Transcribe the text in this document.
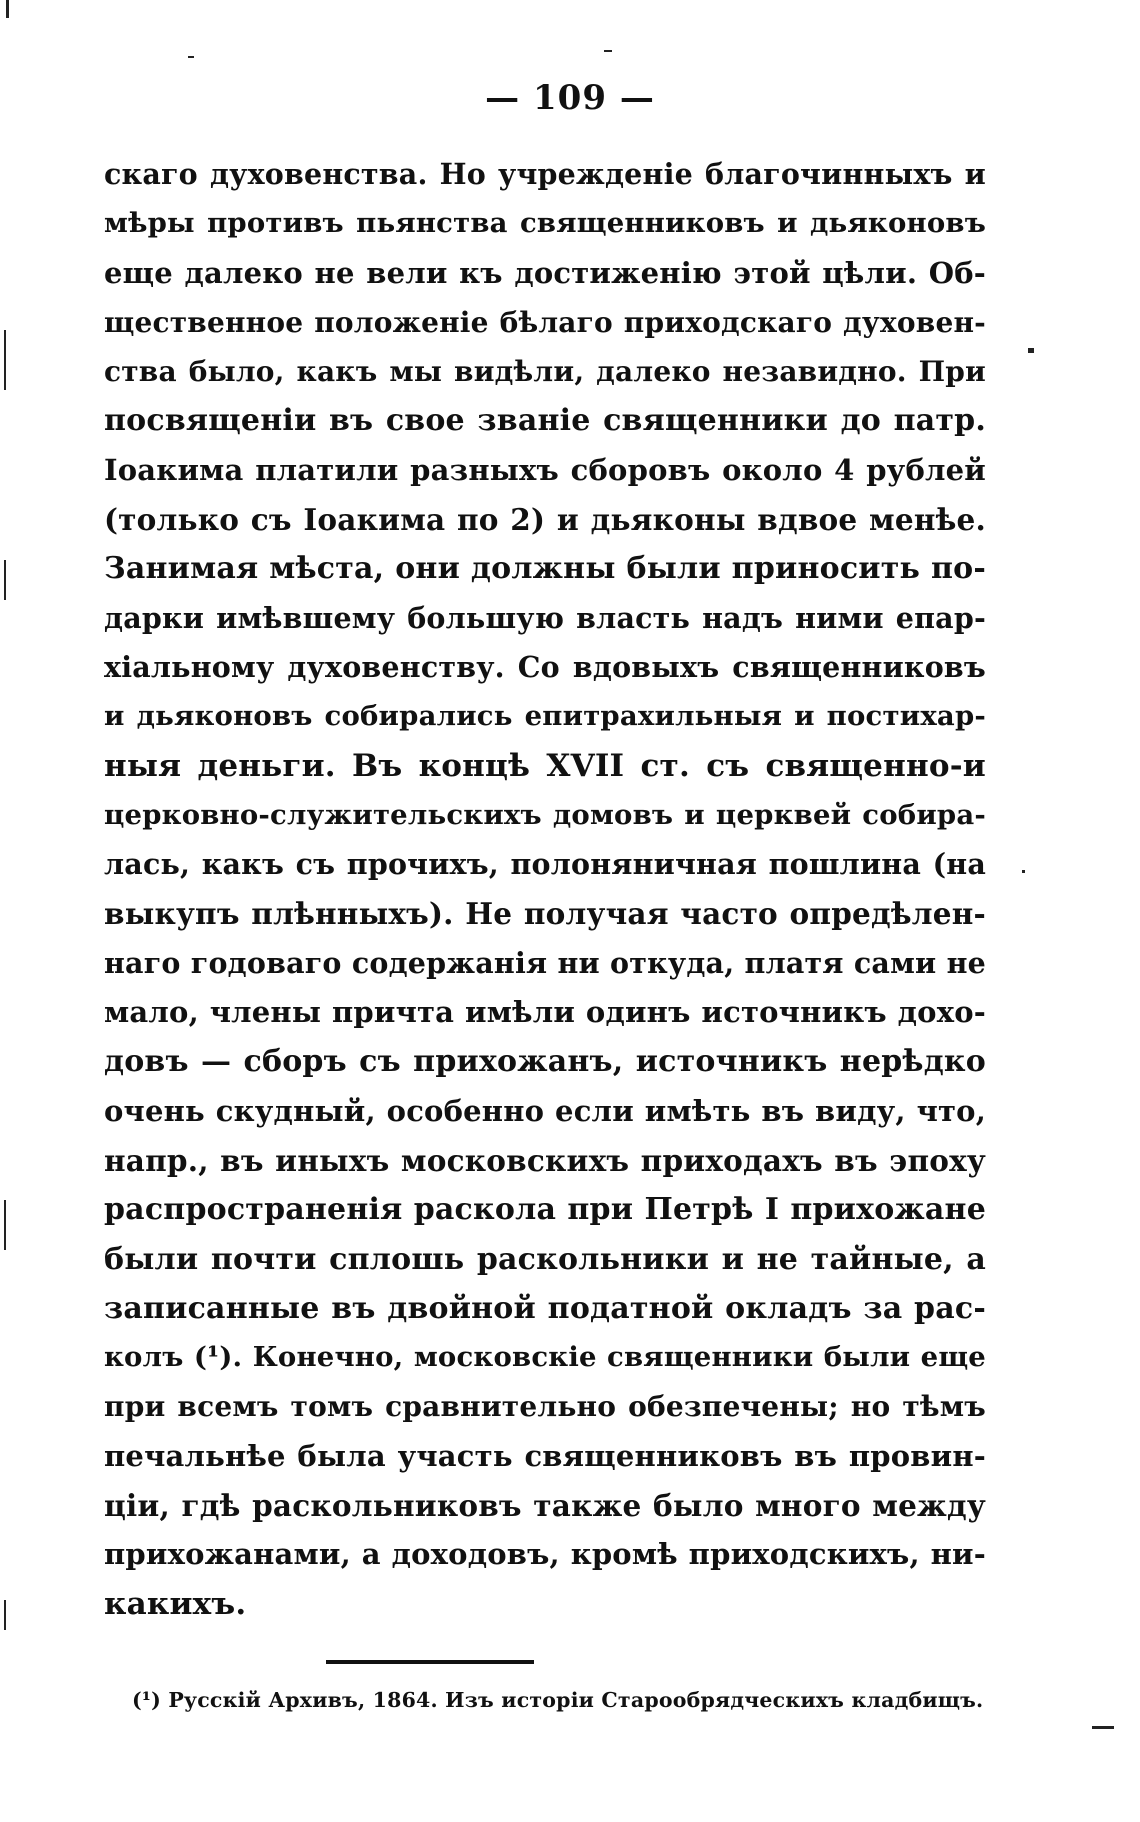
— 109 —
скаго духовенства. Но учрежденіе благочинныхъ и
мѣры противъ пьянства священниковъ и дьяконовъ
еще далеко не вели къ достиженію этой цѣли. Об-
щественное положеніе бѣлаго приходскаго духовен-
ства было, какъ мы видѣли, далеко незавидно. При
посвященіи въ свое званіе священники до патр.
Іоакима платили разныхъ сборовъ около 4 рублей
(только съ Іоакима по 2) и дьяконы вдвое менѣе.
Занимая мѣста, они должны были приносить по-
дарки имѣвшему большую власть надъ ними епар-
хіальному духовенству. Со вдовыхъ священниковъ
и дьяконовъ собирались епитрахильныя и постихар-
ныя деньги. Въ концѣ XVII ст. съ священно-и
церковно-служительскихъ домовъ и церквей собира-
лась, какъ съ прочихъ, полоняничная пошлина (на
выкупъ плѣнныхъ). Не получая часто опредѣлен-
наго годоваго содержанія ни откуда, платя сами не
мало, члены причта имѣли одинъ источникъ дохо-
довъ — сборъ съ прихожанъ, источникъ нерѣдко
очень скудный, особенно если имѣть въ виду, что,
напр., въ иныхъ московскихъ приходахъ въ эпоху
распространенія раскола при Петрѣ I прихожане
были почти сплошь раскольники и не тайные, а
записанные въ двойной податной окладъ за рас-
колъ (¹). Конечно, московскіе священники были еще
при всемъ томъ сравнительно обезпечены; но тѣмъ
печальнѣе была участь священниковъ въ провин-
ціи, гдѣ раскольниковъ также было много между
прихожанами, а доходовъ, кромѣ приходскихъ, ни-
какихъ.
(¹) Русскій Архивъ, 1864. Изъ исторіи Старообрядческихъ кладбищъ.
